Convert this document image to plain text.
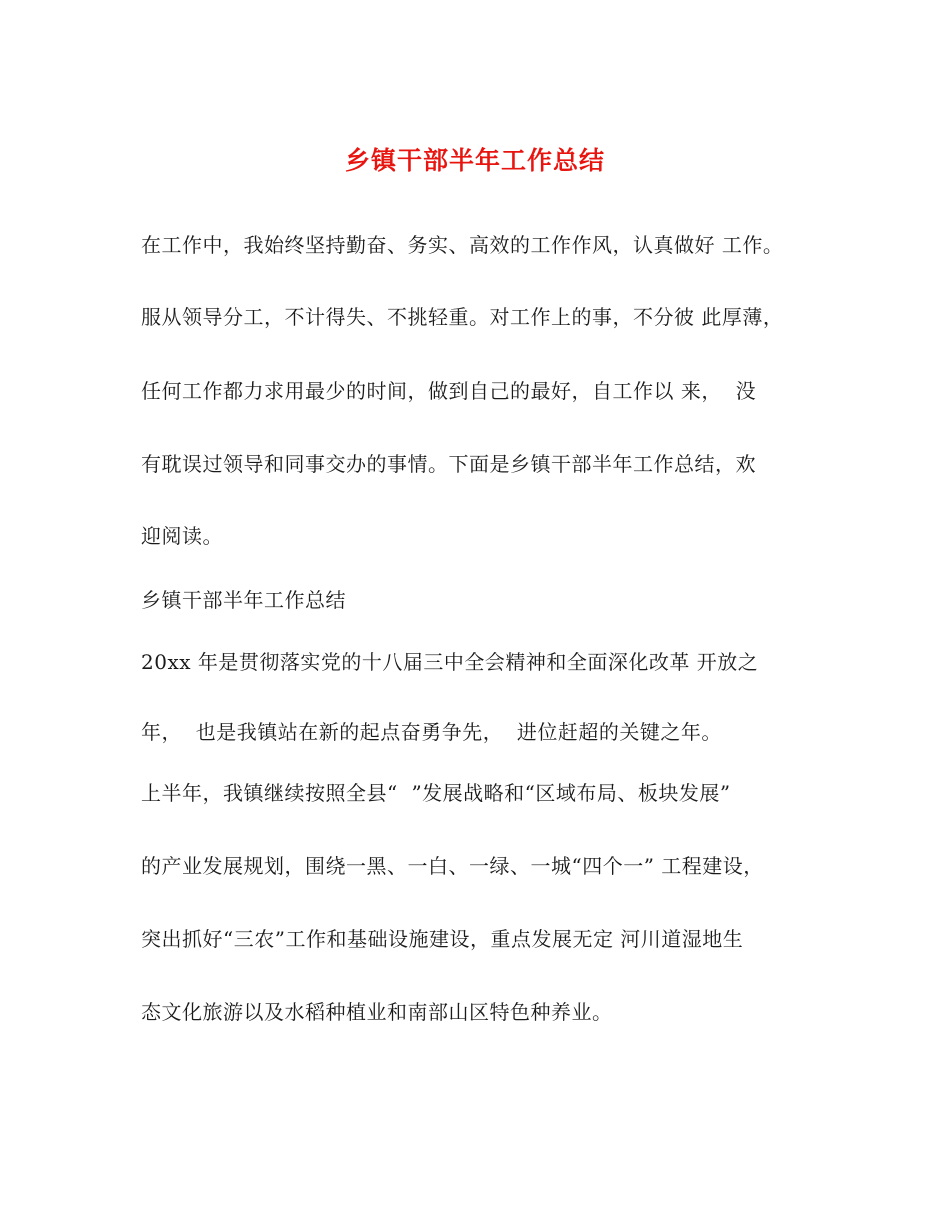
乡镇干部半年工作总结
在工作中，我始终坚持勤奋、务实、高效的工作作风，认真做好 工作。
服从领导分工，不计得失、不挑轻重。对工作上的事，不分彼 此厚薄，
任何工作都力求用最少的时间，做到自己的最好，自工作以 来，  没
有耽误过领导和同事交办的事情。下面是乡镇干部半年工作总结，欢
迎阅读。
乡镇干部半年工作总结
20xx 年是贯彻落实党的十八届三中全会精神和全面深化改革 开放之
年，  也是我镇站在新的起点奋勇争先，  进位赶超的关键之年。
上半年，我镇继续按照全县“  ”发展战略和“区域布局、板块发展”
的产业发展规划，围绕一黑、一白、一绿、一城“四个一” 工程建设，
突出抓好“三农”工作和基础设施建设，重点发展无定 河川道湿地生
态文化旅游以及水稻种植业和南部山区特色种养业。
